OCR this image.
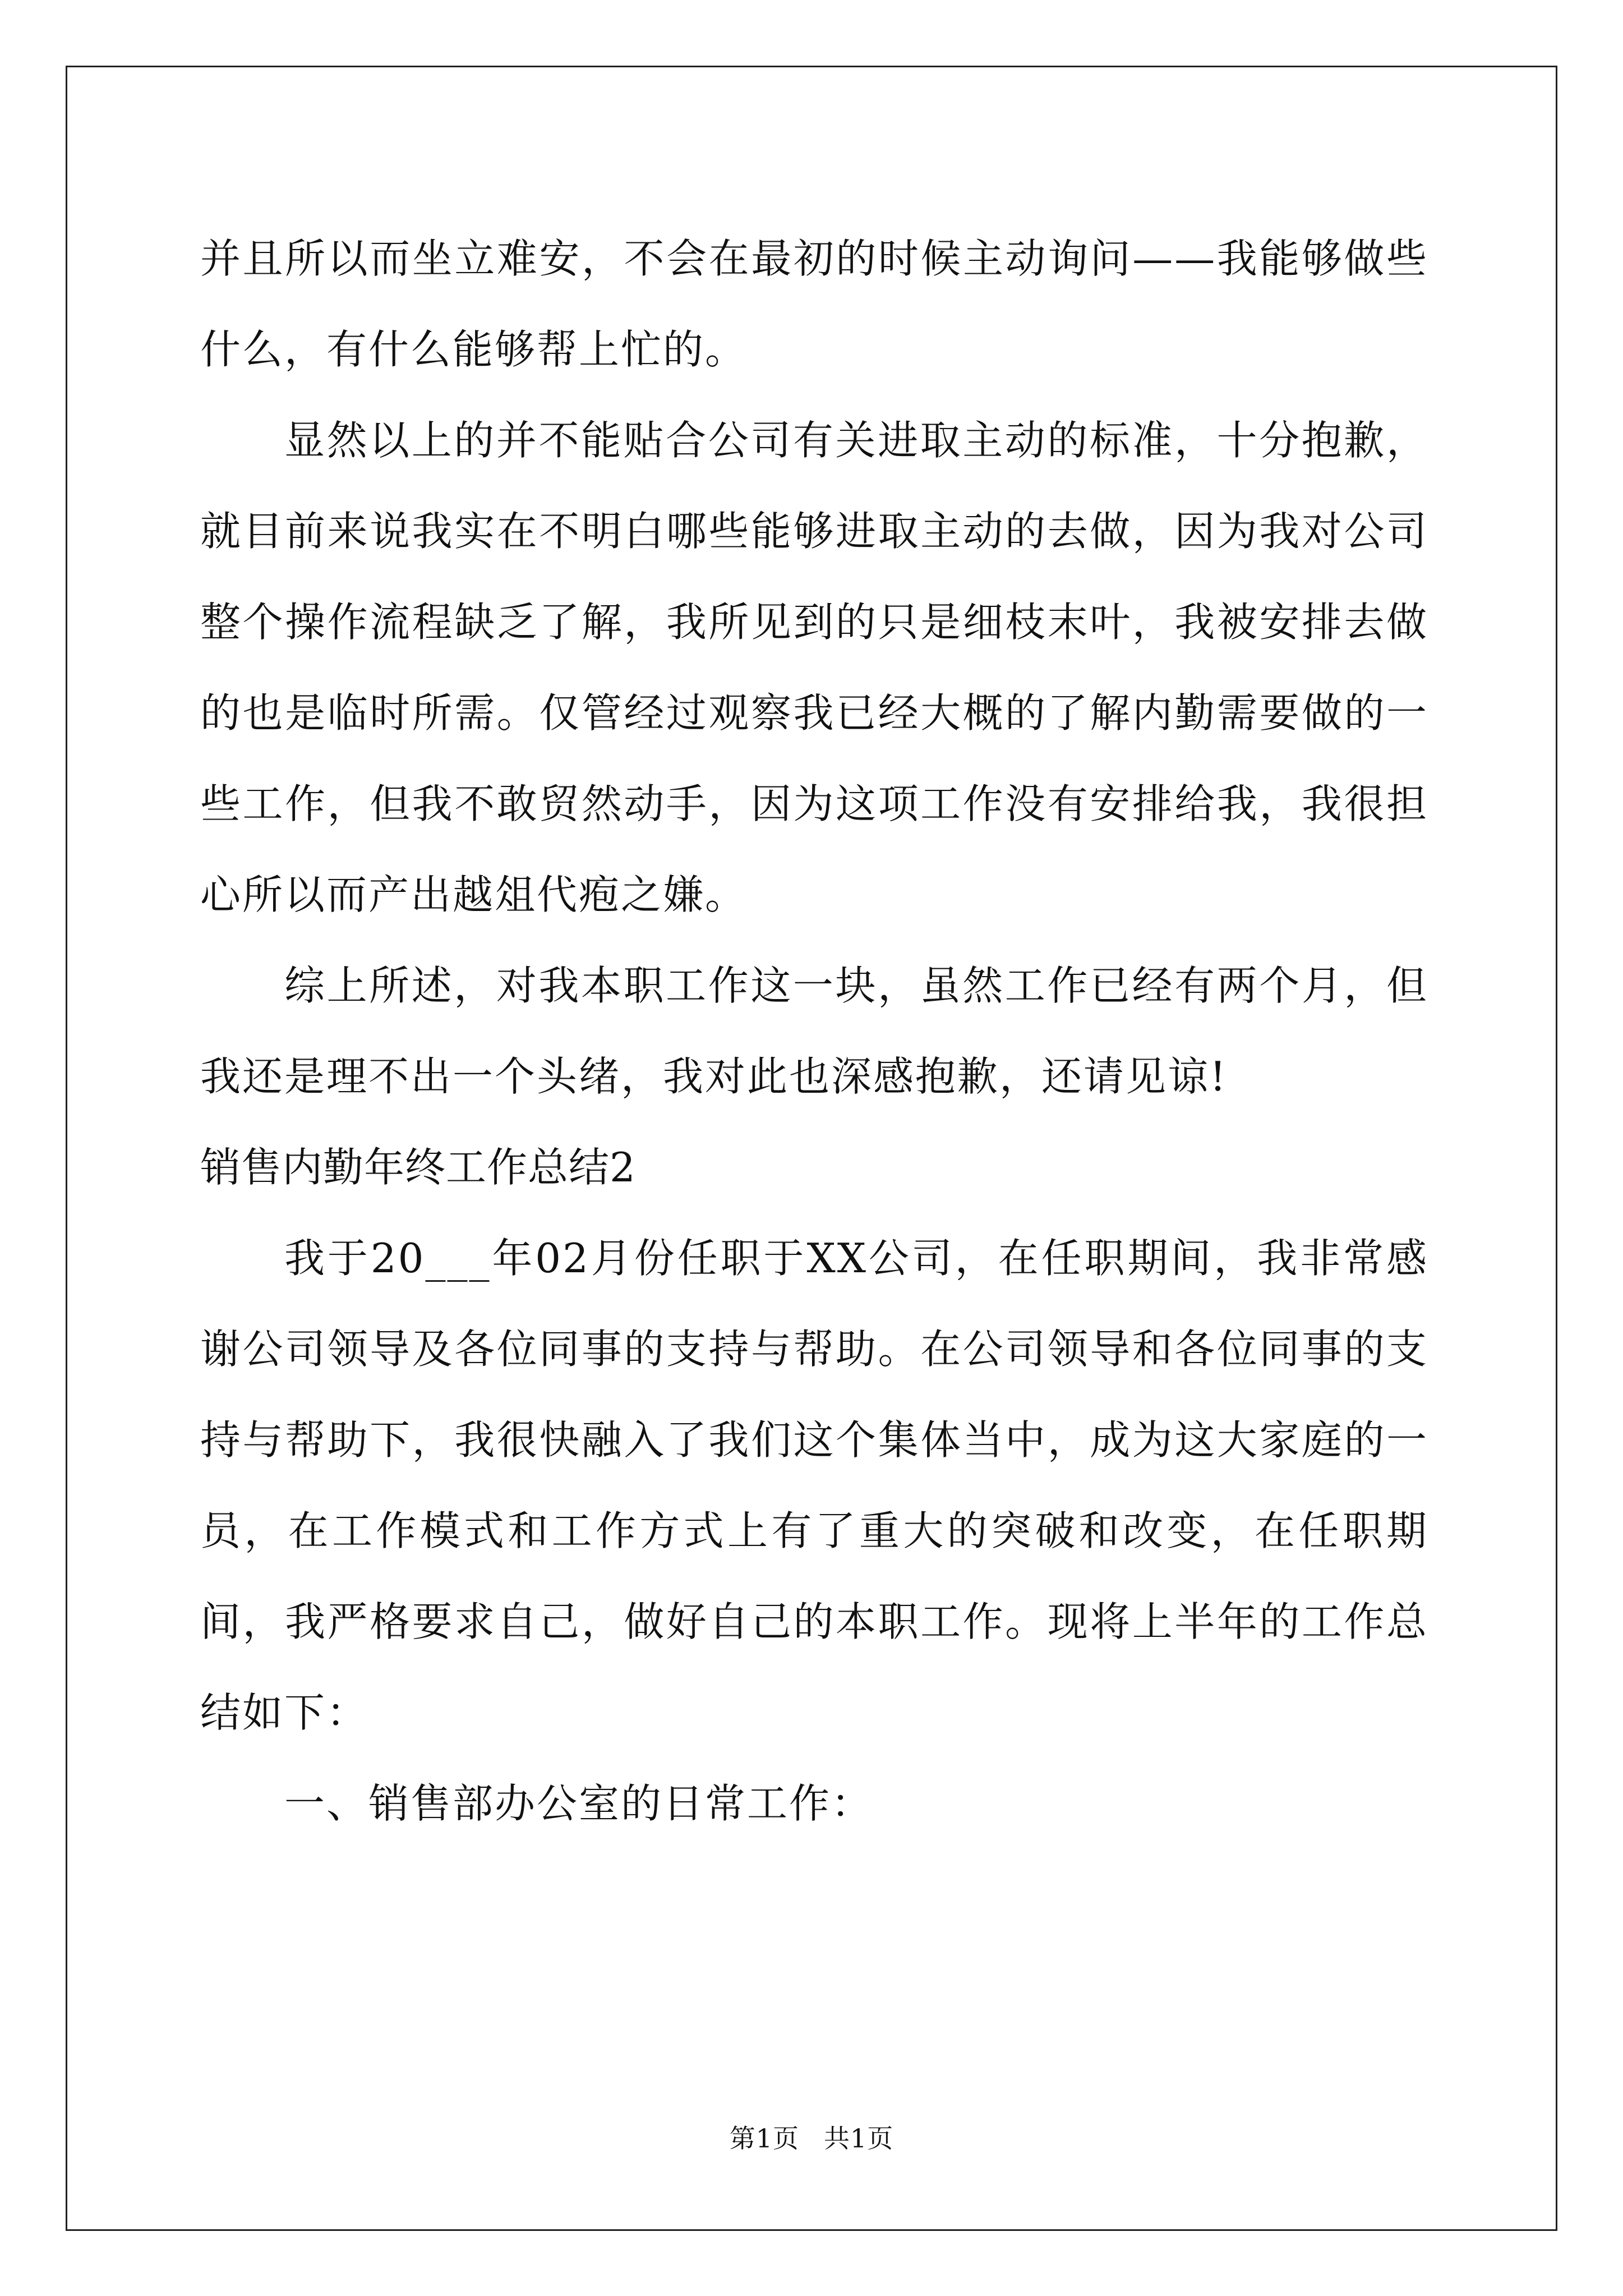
并且所以而坐立难安，不会在最初的时候主动询问——我能够做些什么，有什么能够帮上忙的。

显然以上的并不能贴合公司有关进取主动的标准，十分抱歉，就目前来说我实在不明白哪些能够进取主动的去做，因为我对公司整个操作流程缺乏了解，我所见到的只是细枝末叶，我被安排去做的也是临时所需。仅管经过观察我已经大概的了解内勤需要做的一些工作，但我不敢贸然动手，因为这项工作没有安排给我，我很担心所以而产出越俎代疱之嫌。

综上所述，对我本职工作这一块，虽然工作已经有两个月，但我还是理不出一个头绪，我对此也深感抱歉，还请见谅!

销售内勤年终工作总结2

我于20___年02月份任职于XX公司，在任职期间，我非常感谢公司领导及各位同事的支持与帮助。在公司领导和各位同事的支持与帮助下，我很快融入了我们这个集体当中，成为这大家庭的一员，在工作模式和工作方式上有了重大的突破和改变，在任职期间，我严格要求自己，做好自己的本职工作。现将上半年的工作总结如下：

一、销售部办公室的日常工作：

第1页 共1页
